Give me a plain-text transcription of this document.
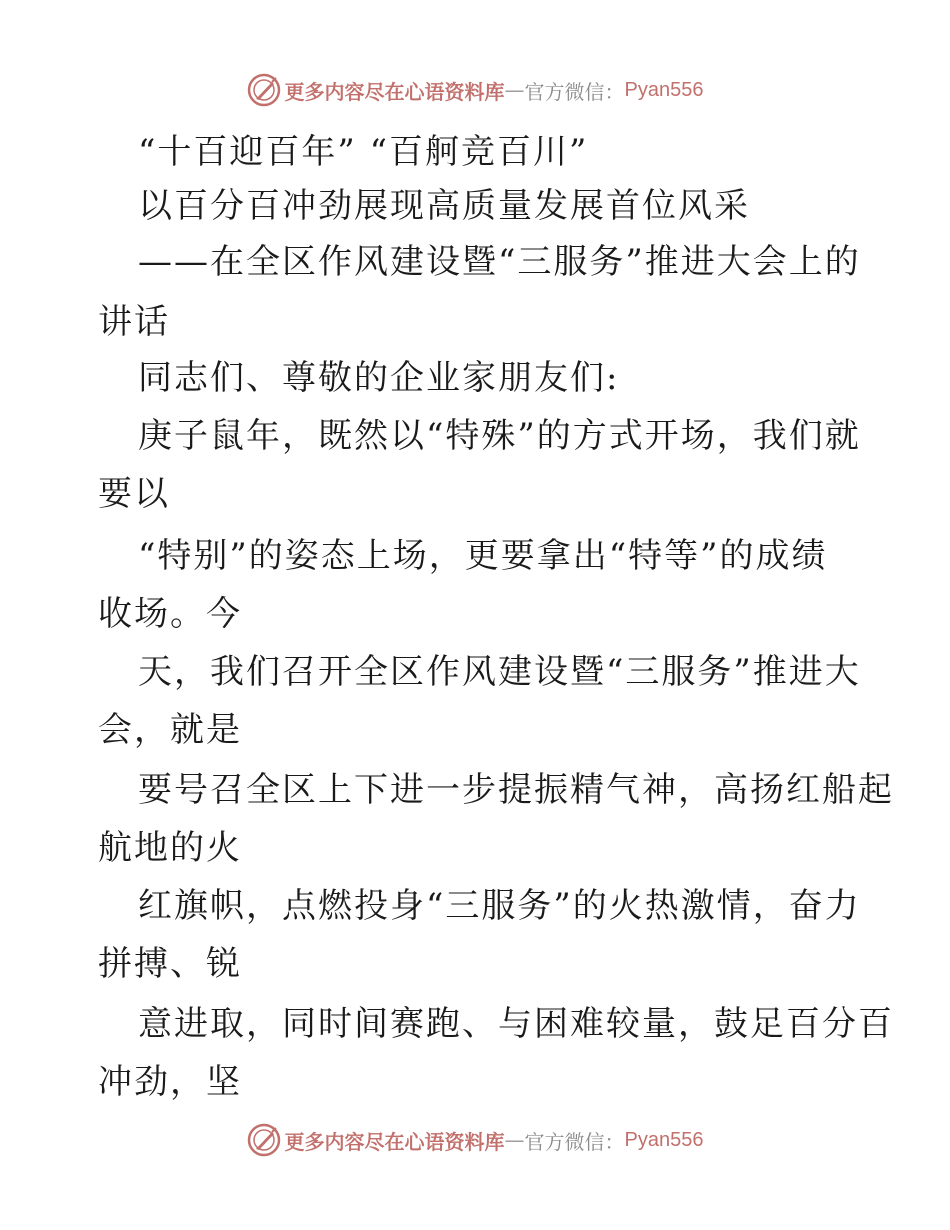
更多内容尽在心语资料库 — 官方微信： Pyan556
“十百迎百年” “百舸竞百川”
以百分百冲劲展现高质量发展首位风采
——在全区作风建设暨“三服务”推进大会上的
讲话
同志们、尊敬的企业家朋友们:
庚子鼠年，既然以“特殊”的方式开场，我们就
要以
“特别”的姿态上场，更要拿出“特等”的成绩
收场。今
天，我们召开全区作风建设暨“三服务”推进大
会，就是
要号召全区上下进一步提振精气神，高扬红船起
航地的火
红旗帜，点燃投身“三服务”的火热激情，奋力
拼搏、锐
意进取，同时间赛跑、与困难较量，鼓足百分百
冲劲，坚
更多内容尽在心语资料库 — 官方微信： Pyan556
